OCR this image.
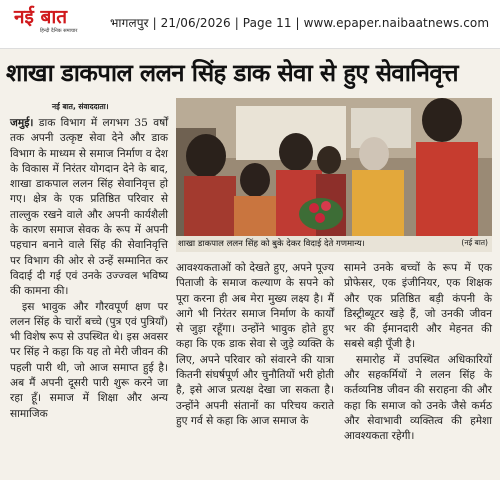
नई बात
हिन्दी दैनिक समाचार
भागलपुर | 21/06/2026 | Page 11 | www.epaper.naibaatnews.com
शाखा डाकपाल ललन सिंह डाक सेवा से हुए सेवानिवृत्त
नई बात, संवाददाता।

जमुई। डाक विभाग में लगभग 35 वर्षों तक अपनी उत्कृष्ट सेवा देने और डाक विभाग के माध्यम से समाज निर्माण व देश के विकास में निरंतर योगदान देने के बाद, शाखा डाकपाल ललन सिंह सेवानिवृत्त हो गए। क्षेत्र के एक प्रतिष्ठित परिवार से ताल्लुक रखने वाले और अपनी कार्यशैली के कारण समाज सेवक के रूप में अपनी पहचान बनाने वाले सिंह की सेवानिवृत्ति पर विभाग की ओर से उन्हें सम्मानित कर विदाई दी गई एवं उनके उज्ज्वल भविष्य की कामना की।

इस भावुक और गौरवपूर्ण क्षण पर ललन सिंह के चारों बच्चे (पुत्र एवं पुत्रियाँ) भी विशेष रूप से उपस्थित थे। इस अवसर पर सिंह ने कहा कि यह तो मेरी जीवन की पहली पारी थी, जो आज समाप्त हुई है। अब मैं अपनी दूसरी पारी शुरू करने जा रहा हूँ। समाज में शिक्षा और अन्य सामाजिक

शाखा डाकपाल ललन सिंह को बुके देकर विदाई देते गणमान्य।	(नई बात)

आवश्यकताओं को देखते हुए, अपने पूज्य पिताजी के समाज कल्याण के सपने को पूरा करना ही अब मेरा मुख्य लक्ष्य है। मैं आगे भी निरंतर समाज निर्माण के कार्यों से जुड़ा रहूँगा। उन्होंने भावुक होते हुए कहा कि एक डाक सेवा से जुड़े व्यक्ति के लिए, अपने परिवार को संवारने की यात्रा कितनी संघर्षपूर्ण और चुनौतियों भरी होती है, इसे आज प्रत्यक्ष देखा जा सकता है। उन्होंने अपनी संतानों का परिचय कराते हुए गर्व से कहा कि आज समाज के

सामने उनके बच्चों के रूप में एक प्रोफेसर, एक इंजीनियर, एक शिक्षक और एक प्रतिष्ठित बड़ी कंपनी के डिस्ट्रीब्यूटर खड़े हैं, जो उनकी जीवन भर की ईमानदारी और मेहनत की सबसे बड़ी पूँजी है।

समारोह में उपस्थित अधिकारियों और सहकर्मियों ने ललन सिंह के कर्तव्यनिष्ठ जीवन की सराहना की और कहा कि समाज को उनके जैसे कर्मठ और सेवाभावी व्यक्तित्व की हमेशा आवश्यकता रहेगी।
